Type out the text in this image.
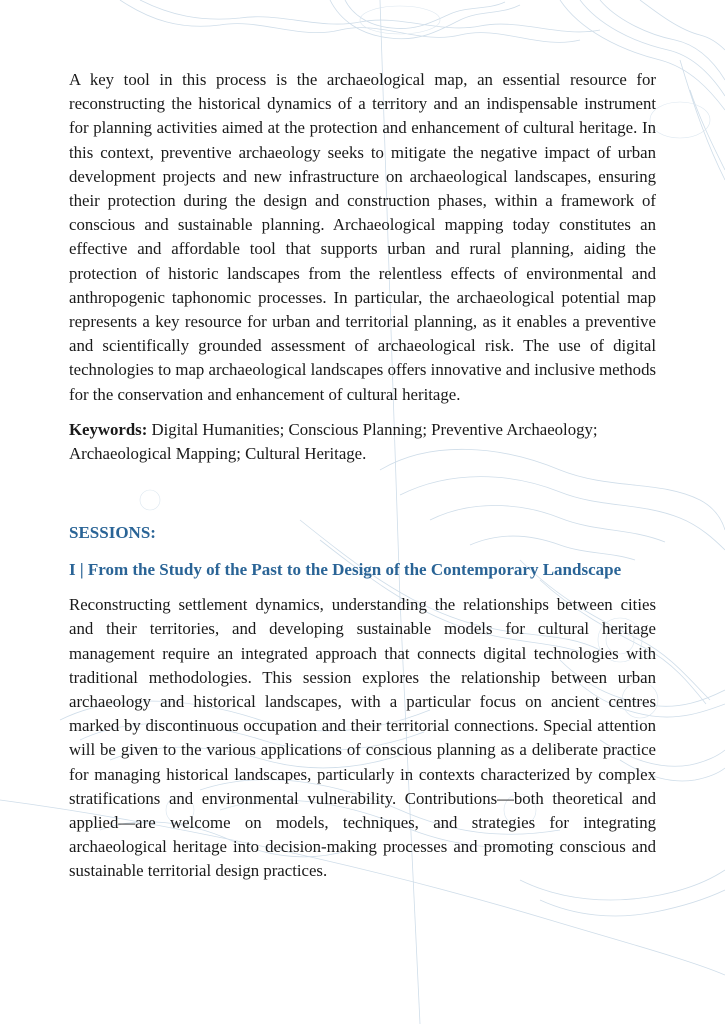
A key tool in this process is the archaeological map, an essential resource for reconstructing the historical dynamics of a territory and an indispensable instrument for planning activities aimed at the protection and enhancement of cultural heritage. In this context, preventive archaeology seeks to mitigate the negative impact of urban development projects and new infrastructure on archaeological landscapes, ensuring their protection during the design and construction phases, within a framework of conscious and sustainable planning. Archaeological mapping today constitutes an effective and affordable tool that supports urban and rural planning, aiding the protection of historic landscapes from the relentless effects of environmental and anthropogenic taphonomic processes. In particular, the archaeological potential map represents a key resource for urban and territorial planning, as it enables a preventive and scientifically grounded assessment of archaeological risk. The use of digital technologies to map archaeological landscapes offers innovative and inclusive methods for the conservation and enhancement of cultural heritage.

Keywords: Digital Humanities; Conscious Planning; Preventive Archaeology; Archaeological Mapping; Cultural Heritage.

SESSIONS:
I | From the Study of the Past to the Design of the Contemporary Landscape

Reconstructing settlement dynamics, understanding the relationships between cities and their territories, and developing sustainable models for cultural heritage management require an integrated approach that connects digital technologies with traditional methodologies. This session explores the relationship between urban archaeology and historical landscapes, with a particular focus on ancient centres marked by discontinuous occupation and their territorial connections. Special attention will be given to the various applications of conscious planning as a deliberate practice for managing historical landscapes, particularly in contexts characterized by complex stratifications and environmental vulnerability. Contributions—both theoretical and applied—are welcome on models, techniques, and strategies for integrating archaeological heritage into decision-making processes and promoting conscious and sustainable territorial design practices.
